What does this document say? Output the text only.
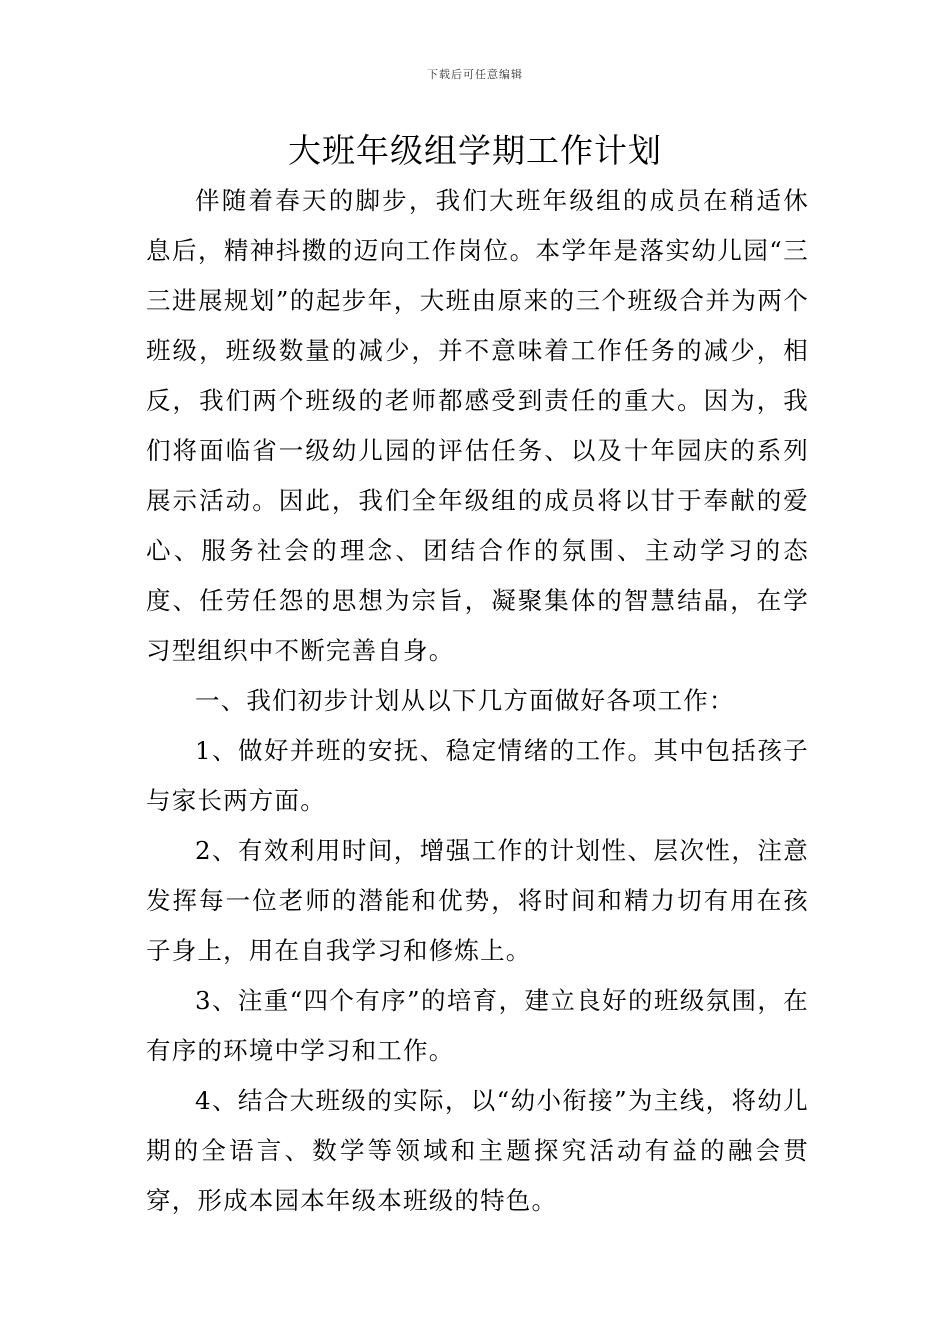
下载后可任意编辑
大班年级组学期工作计划

伴随着春天的脚步，我们大班年级组的成员在稍适休息后，精神抖擞的迈向工作岗位。本学年是落实幼儿园“三三进展规划”的起步年，大班由原来的三个班级合并为两个班级，班级数量的减少，并不意味着工作任务的减少，相反，我们两个班级的老师都感受到责任的重大。因为，我们将面临省一级幼儿园的评估任务、以及十年园庆的系列展示活动。因此，我们全年级组的成员将以甘于奉献的爱心、服务社会的理念、团结合作的氛围、主动学习的态度、任劳任怨的思想为宗旨，凝聚集体的智慧结晶，在学习型组织中不断完善自身。

一、我们初步计划从以下几方面做好各项工作：

1、做好并班的安抚、稳定情绪的工作。其中包括孩子与家长两方面。

2、有效利用时间，增强工作的计划性、层次性，注意发挥每一位老师的潜能和优势，将时间和精力切有用在孩子身上，用在自我学习和修炼上。

3、注重“四个有序”的培育，建立良好的班级氛围，在有序的环境中学习和工作。

4、结合大班级的实际，以“幼小衔接”为主线，将幼儿期的全语言、数学等领域和主题探究活动有益的融会贯穿，形成本园本年级本班级的特色。
